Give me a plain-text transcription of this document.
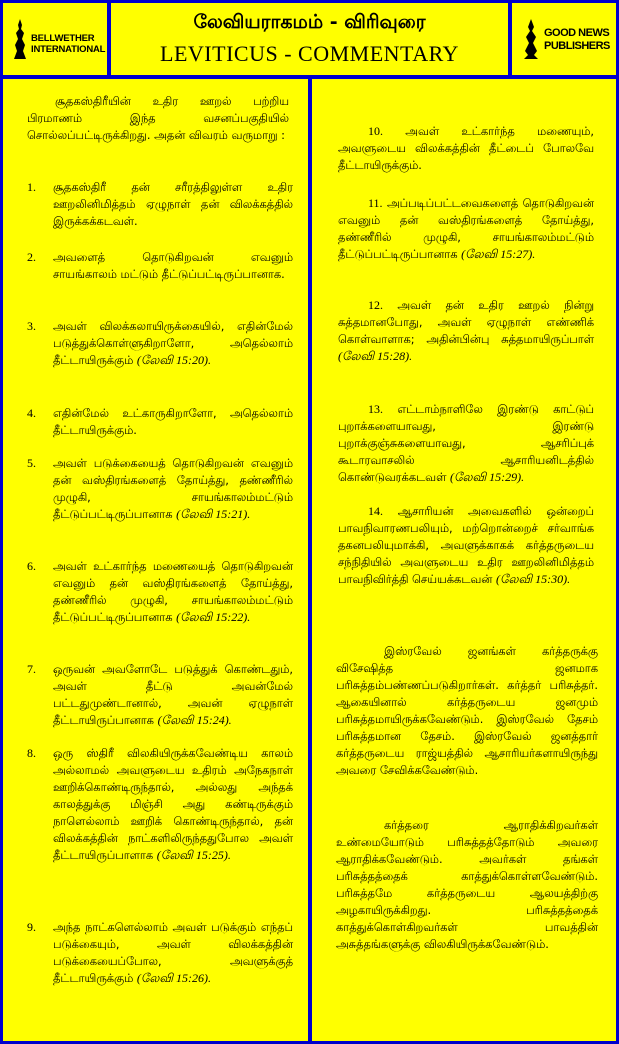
BELLWETHER INTERNATIONAL
லேவியராகமம் - விரிவுரை
LEVITICUS - COMMENTARY
GOOD NEWS PUBLISHERS

சூதகஸ்திரீயின் உதிர ஊறல் பற்றிய பிரமாணம் இந்த வசனப்பகுதியில் சொல்லப்பட்டிருக்கிறது. அதன் விவரம் வருமாறு :

1. சூதகஸ்திரீ தன் சரீரத்திலுள்ள உதிர ஊறலினிமித்தம் ஏழுநாள் தன் விலக்கத்தில் இருக்கக்கடவள்.

2. அவளைத் தொடுகிறவன் எவனும் சாயங்காலம் மட்டும் தீட்டுப்பட்டிருப்பானாக.

3. அவள் விலக்கலாயிருக்கையில், எதின்மேல் படுத்துக்கொள்ளுகிறாளோ, அதெல்லாம் தீட்டாயிருக்கும் (லேவி 15:20).

4. எதின்மேல் உட்காருகிறாளோ, அதெல்லாம் தீட்டாயிருக்கும்.

5. அவள் படுக்கையைத் தொடுகிறவன் எவனும் தன் வஸ்திரங்களைத் தோய்த்து, தண்ணீரில் முழுகி, சாயங்காலம்மட்டும் தீட்டுப்பட்டிருப்பானாக (லேவி 15:21).

6. அவள் உட்கார்ந்த மணையைத் தொடுகிறவன் எவனும் தன் வஸ்திரங்களைத் தோய்த்து, தண்ணீரில் முழுகி, சாயங்காலம்மட்டும் தீட்டுப்பட்டிருப்பானாக (லேவி 15:22).

7. ஒருவன் அவளோடே படுத்துக் கொண்டதும், அவள் தீட்டு அவன்மேல் பட்டதுமுண்டானால், அவன் ஏழுநாள் தீட்டாயிருப்பானாக (லேவி 15:24).

8. ஒரு ஸ்திரீ விலகியிருக்கவேண்டிய காலம் அல்லாமல் அவளுடைய உதிரம் அநேகநாள் ஊறிக்கொண்டிருந்தால், அல்லது அந்தக் காலத்துக்கு மிஞ்சி அது கண்டிருக்கும் நாளெல்லாம் ஊறிக் கொண்டிருந்தால், தன் விலக்கத்தின் நாட்களிலிருந்ததுபோல அவள் தீட்டாயிருப்பாளாக (லேவி 15:25).

9. அந்த நாட்களெல்லாம் அவள் படுக்கும் எந்தப் படுக்கையும், அவள் விலக்கத்தின் படுக்கையைப்போல, அவளுக்குத் தீட்டாயிருக்கும் (லேவி 15:26).

10. அவள் உட்கார்ந்த மணையும், அவளுடைய விலக்கத்தின் தீட்டைப் போலவே தீட்டாயிருக்கும்.

11. அப்படிப்பட்டவைகளைத் தொடுகிறவன் எவனும் தன் வஸ்திரங்களைத் தோய்த்து, தண்ணீரில் முழுகி, சாயங்காலம்மட்டும் தீட்டுப்பட்டிருப்பானாக (லேவி 15:27).

12. அவள் தன் உதிர ஊறல் நின்று சுத்தமானபோது, அவள் ஏழுநாள் எண்ணிக் கொள்வாளாக; அதின்பின்பு சுத்தமாயிருப்பாள் (லேவி 15:28).

13. எட்டாம்நாளிலே இரண்டு காட்டுப் புறாக்களையாவது, இரண்டு புறாக்குஞ்சுகளையாவது, ஆசரிப்புக் கூடாரவாசலில் ஆசாரியனிடத்தில் கொண்டுவரக்கடவள் (லேவி 15:29).

14. ஆசாரியன் அவைகளில் ஒன்றைப் பாவநிவாரணபலியும், மற்றொன்றைச் சர்வாங்க தகனபலியுமாக்கி, அவளுக்காகக் கர்த்தருடைய சந்நிதியில் அவளுடைய உதிர ஊறலினிமித்தம் பாவநிவிர்த்தி செய்யக்கடவன் (லேவி 15:30).

இஸ்ரவேல் ஜனங்கள் கர்த்தருக்கு விசேஷித்த ஜனமாக பரிசுத்தம்பண்ணப்படுகிறார்கள். கர்த்தர் பரிசுத்தர். ஆகையினால் கர்த்தருடைய ஜனமும் பரிசுத்தமாயிருக்கவேண்டும். இஸ்ரவேல் தேசம் பரிசுத்தமான தேசம். இஸ்ரவேல் ஜனத்தார் கர்த்தருடைய ராஜ்யத்தில் ஆசாரியர்களாயிருந்து அவரை சேவிக்கவேண்டும்.

கர்த்தரை ஆராதிக்கிறவர்கள் உண்மையோடும் பரிசுத்தத்தோடும் அவரை ஆராதிக்கவேண்டும். அவர்கள் தங்கள் பரிசுத்தத்தைக் காத்துக்கொள்ளவேண்டும். பரிசுத்தமே கர்த்தருடைய ஆலயத்திற்கு அழகாயிருக்கிறது. பரிசுத்தத்தைக் காத்துக்கொள்கிறவர்கள் பாவத்தின் அசுத்தங்களுக்கு விலகியிருக்கவேண்டும்.
